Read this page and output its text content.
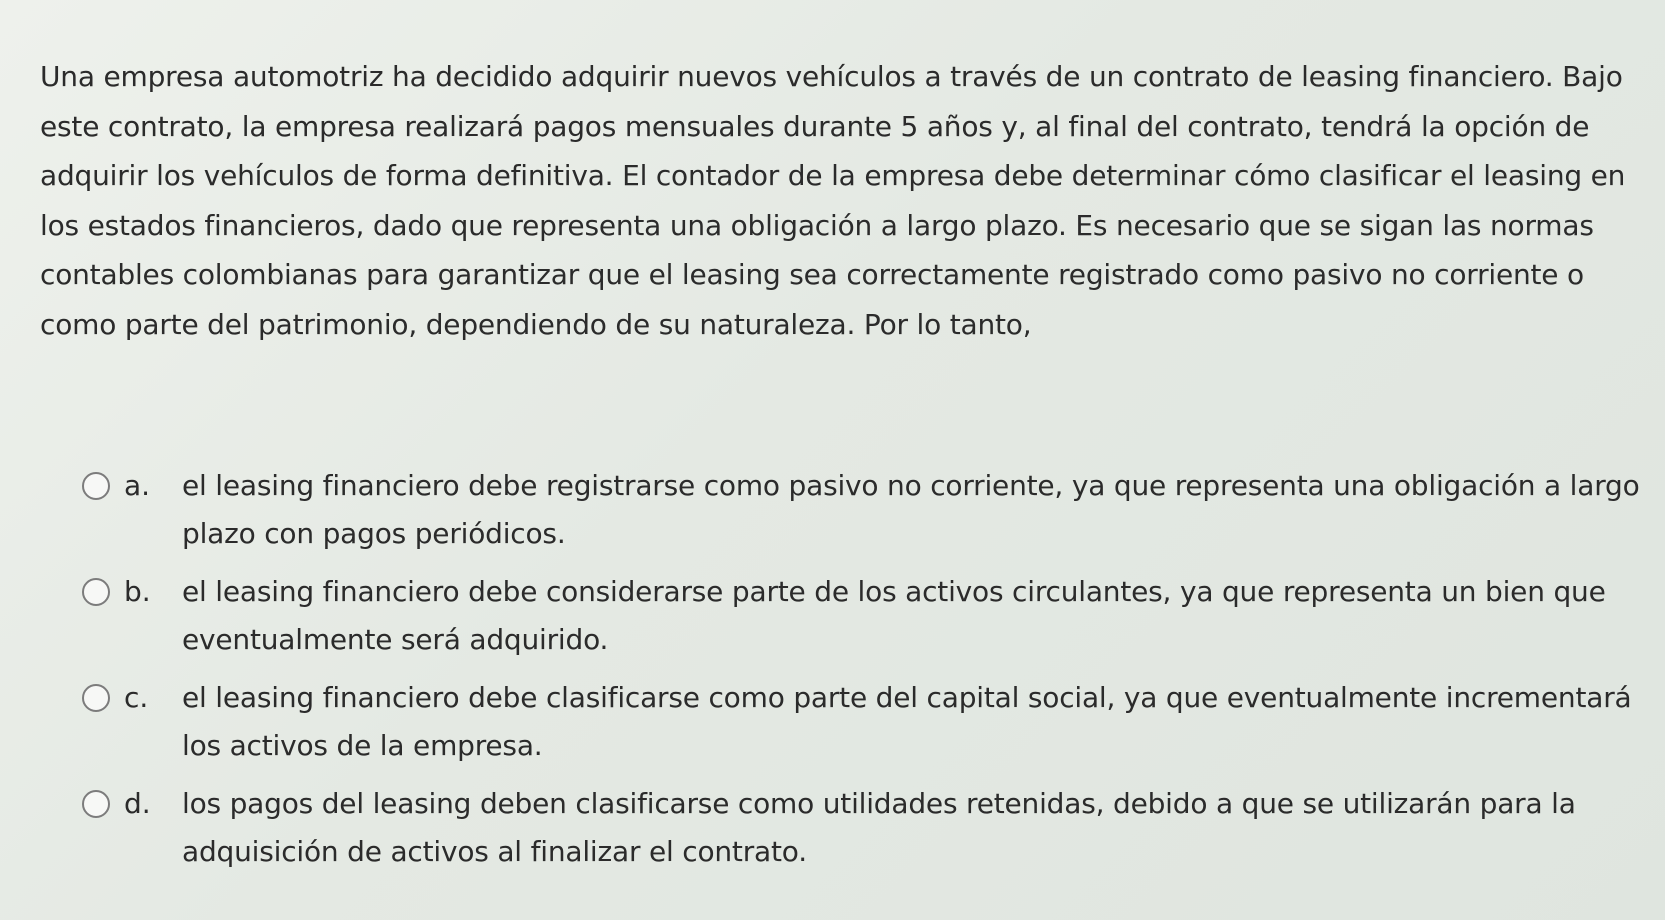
Una empresa automotriz ha decidido adquirir nuevos vehículos a través de un contrato de leasing financiero. Bajo este contrato, la empresa realizará pagos mensuales durante 5 años y, al final del contrato, tendrá la opción de adquirir los vehículos de forma definitiva. El contador de la empresa debe determinar cómo clasificar el leasing en los estados financieros, dado que representa una obligación a largo plazo. Es necesario que se sigan las normas contables colombianas para garantizar que el leasing sea correctamente registrado como pasivo no corriente o como parte del patrimonio, dependiendo de su naturaleza. Por lo tanto,

a.	el leasing financiero debe registrarse como pasivo no corriente, ya que representa una obligación a largo plazo con pagos periódicos.
b.	el leasing financiero debe considerarse parte de los activos circulantes, ya que representa un bien que eventualmente será adquirido.
c.	el leasing financiero debe clasificarse como parte del capital social, ya que eventualmente incrementará los activos de la empresa.
d.	los pagos del leasing deben clasificarse como utilidades retenidas, debido a que se utilizarán para la adquisición de activos al finalizar el contrato.
